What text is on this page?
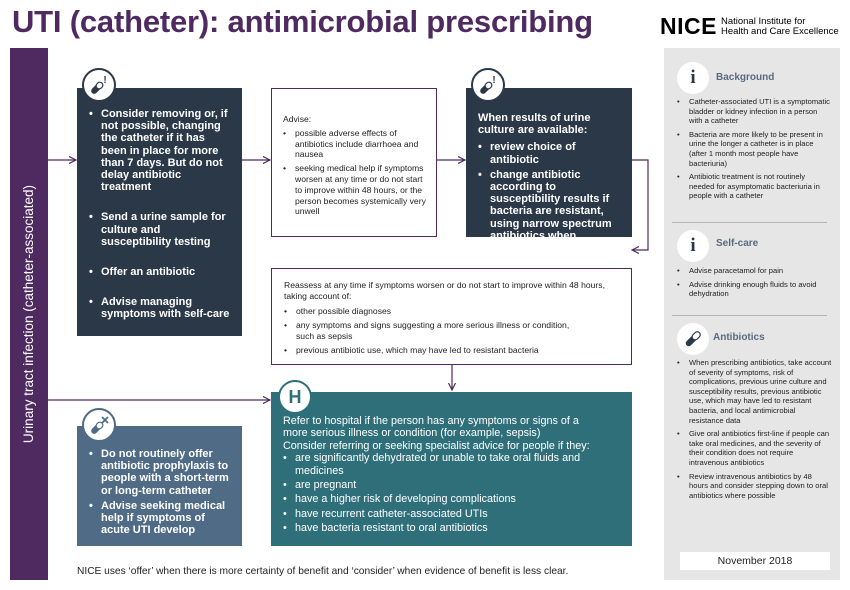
UTI (catheter): antimicrobial prescribing	NICE National Institute for
Health and Care Excellence
Urinary tract infection (catheter-associated)
• Consider removing or, if not possible, changing the catheter if it has been in place for more than 7 days. But do not delay antibiotic treatment
• Send a urine sample for culture and susceptibility testing
• Offer an antibiotic
• Advise managing symptoms with self-care
!
Advise:
• possible adverse effects of antibiotics include diarrhoea and nausea
• seeking medical help if symptoms worsen at any time or do not start to improve within 48 hours, or the person becomes systemically very unwell
When results of urine culture are available:
• review choice of antibiotic
• change antibiotic according to susceptibility results if bacteria are resistant, using narrow spectrum antibiotics when possible
!
Reassess at any time if symptoms worsen or do not start to improve within 48 hours, taking account of:
• other possible diagnoses
• any symptoms and signs suggesting a more serious illness or condition, such as sepsis
• previous antibiotic use, which may have led to resistant bacteria
• Do not routinely offer antibiotic prophylaxis to people with a short-term or long-term catheter
• Advise seeking medical help if symptoms of acute UTI develop
Refer to hospital if the person has any symptoms or signs of a more serious illness or condition (for example, sepsis)
Consider referring or seeking specialist advice for people if they:
• are significantly dehydrated or unable to take oral fluids and medicines
• are pregnant
• have a higher risk of developing complications
• have recurrent catheter-associated UTIs
• have bacteria resistant to oral antibiotics
H
i Background
• Catheter-associated UTI is a symptomatic bladder or kidney infection in a person with a catheter
• Bacteria are more likely to be present in urine the longer a catheter is in place (after 1 month most people have bacteriuria)
• Antibiotic treatment is not routinely needed for asymptomatic bacteriuria in people with a catheter
i Self-care
• Advise paracetamol for pain
• Advise drinking enough fluids to avoid dehydration
Antibiotics
• When prescribing antibiotics, take account of severity of symptoms, risk of complications, previous urine culture and susceptibility results, previous antibiotic use, which may have led to resistant bacteria, and local antimicrobial resistance data
• Give oral antibiotics first-line if people can take oral medicines, and the severity of their condition does not require intravenous antibiotics
• Review intravenous antibiotics by 48 hours and consider stepping down to oral antibiotics where possible
November 2018
NICE uses ‘offer’ when there is more certainty of benefit and ‘consider’ when evidence of benefit is less clear.
